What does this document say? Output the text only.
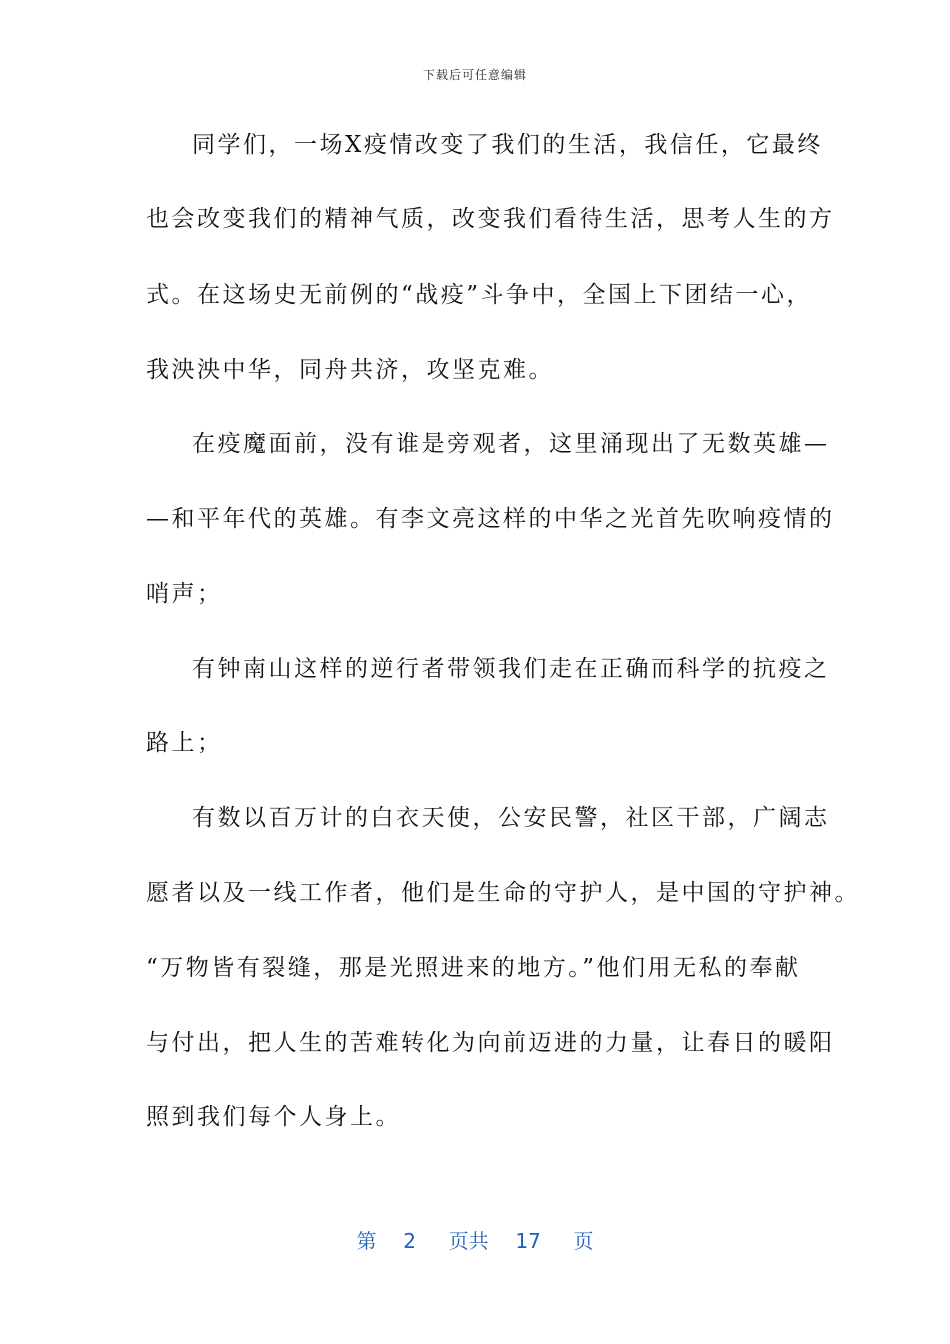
下载后可任意编辑
同学们，一场X疫情改变了我们的生活，我信任，它最终
也会改变我们的精神气质，改变我们看待生活，思考人生的方
式。在这场史无前例的“战疫”斗争中，全国上下团结一心，
我泱泱中华，同舟共济，攻坚克难。
在疫魔面前，没有谁是旁观者，这里涌现出了无数英雄—
—和平年代的英雄。有李文亮这样的中华之光首先吹响疫情的
哨声；
有钟南山这样的逆行者带领我们走在正确而科学的抗疫之
路上；
有数以百万计的白衣天使，公安民警，社区干部，广阔志
愿者以及一线工作者，他们是生命的守护人，是中国的守护神。
“万物皆有裂缝，那是光照进来的地方。”他们用无私的奉献
与付出，把人生的苦难转化为向前迈进的力量，让春日的暖阳
照到我们每个人身上。
第 2 页共 17 页
